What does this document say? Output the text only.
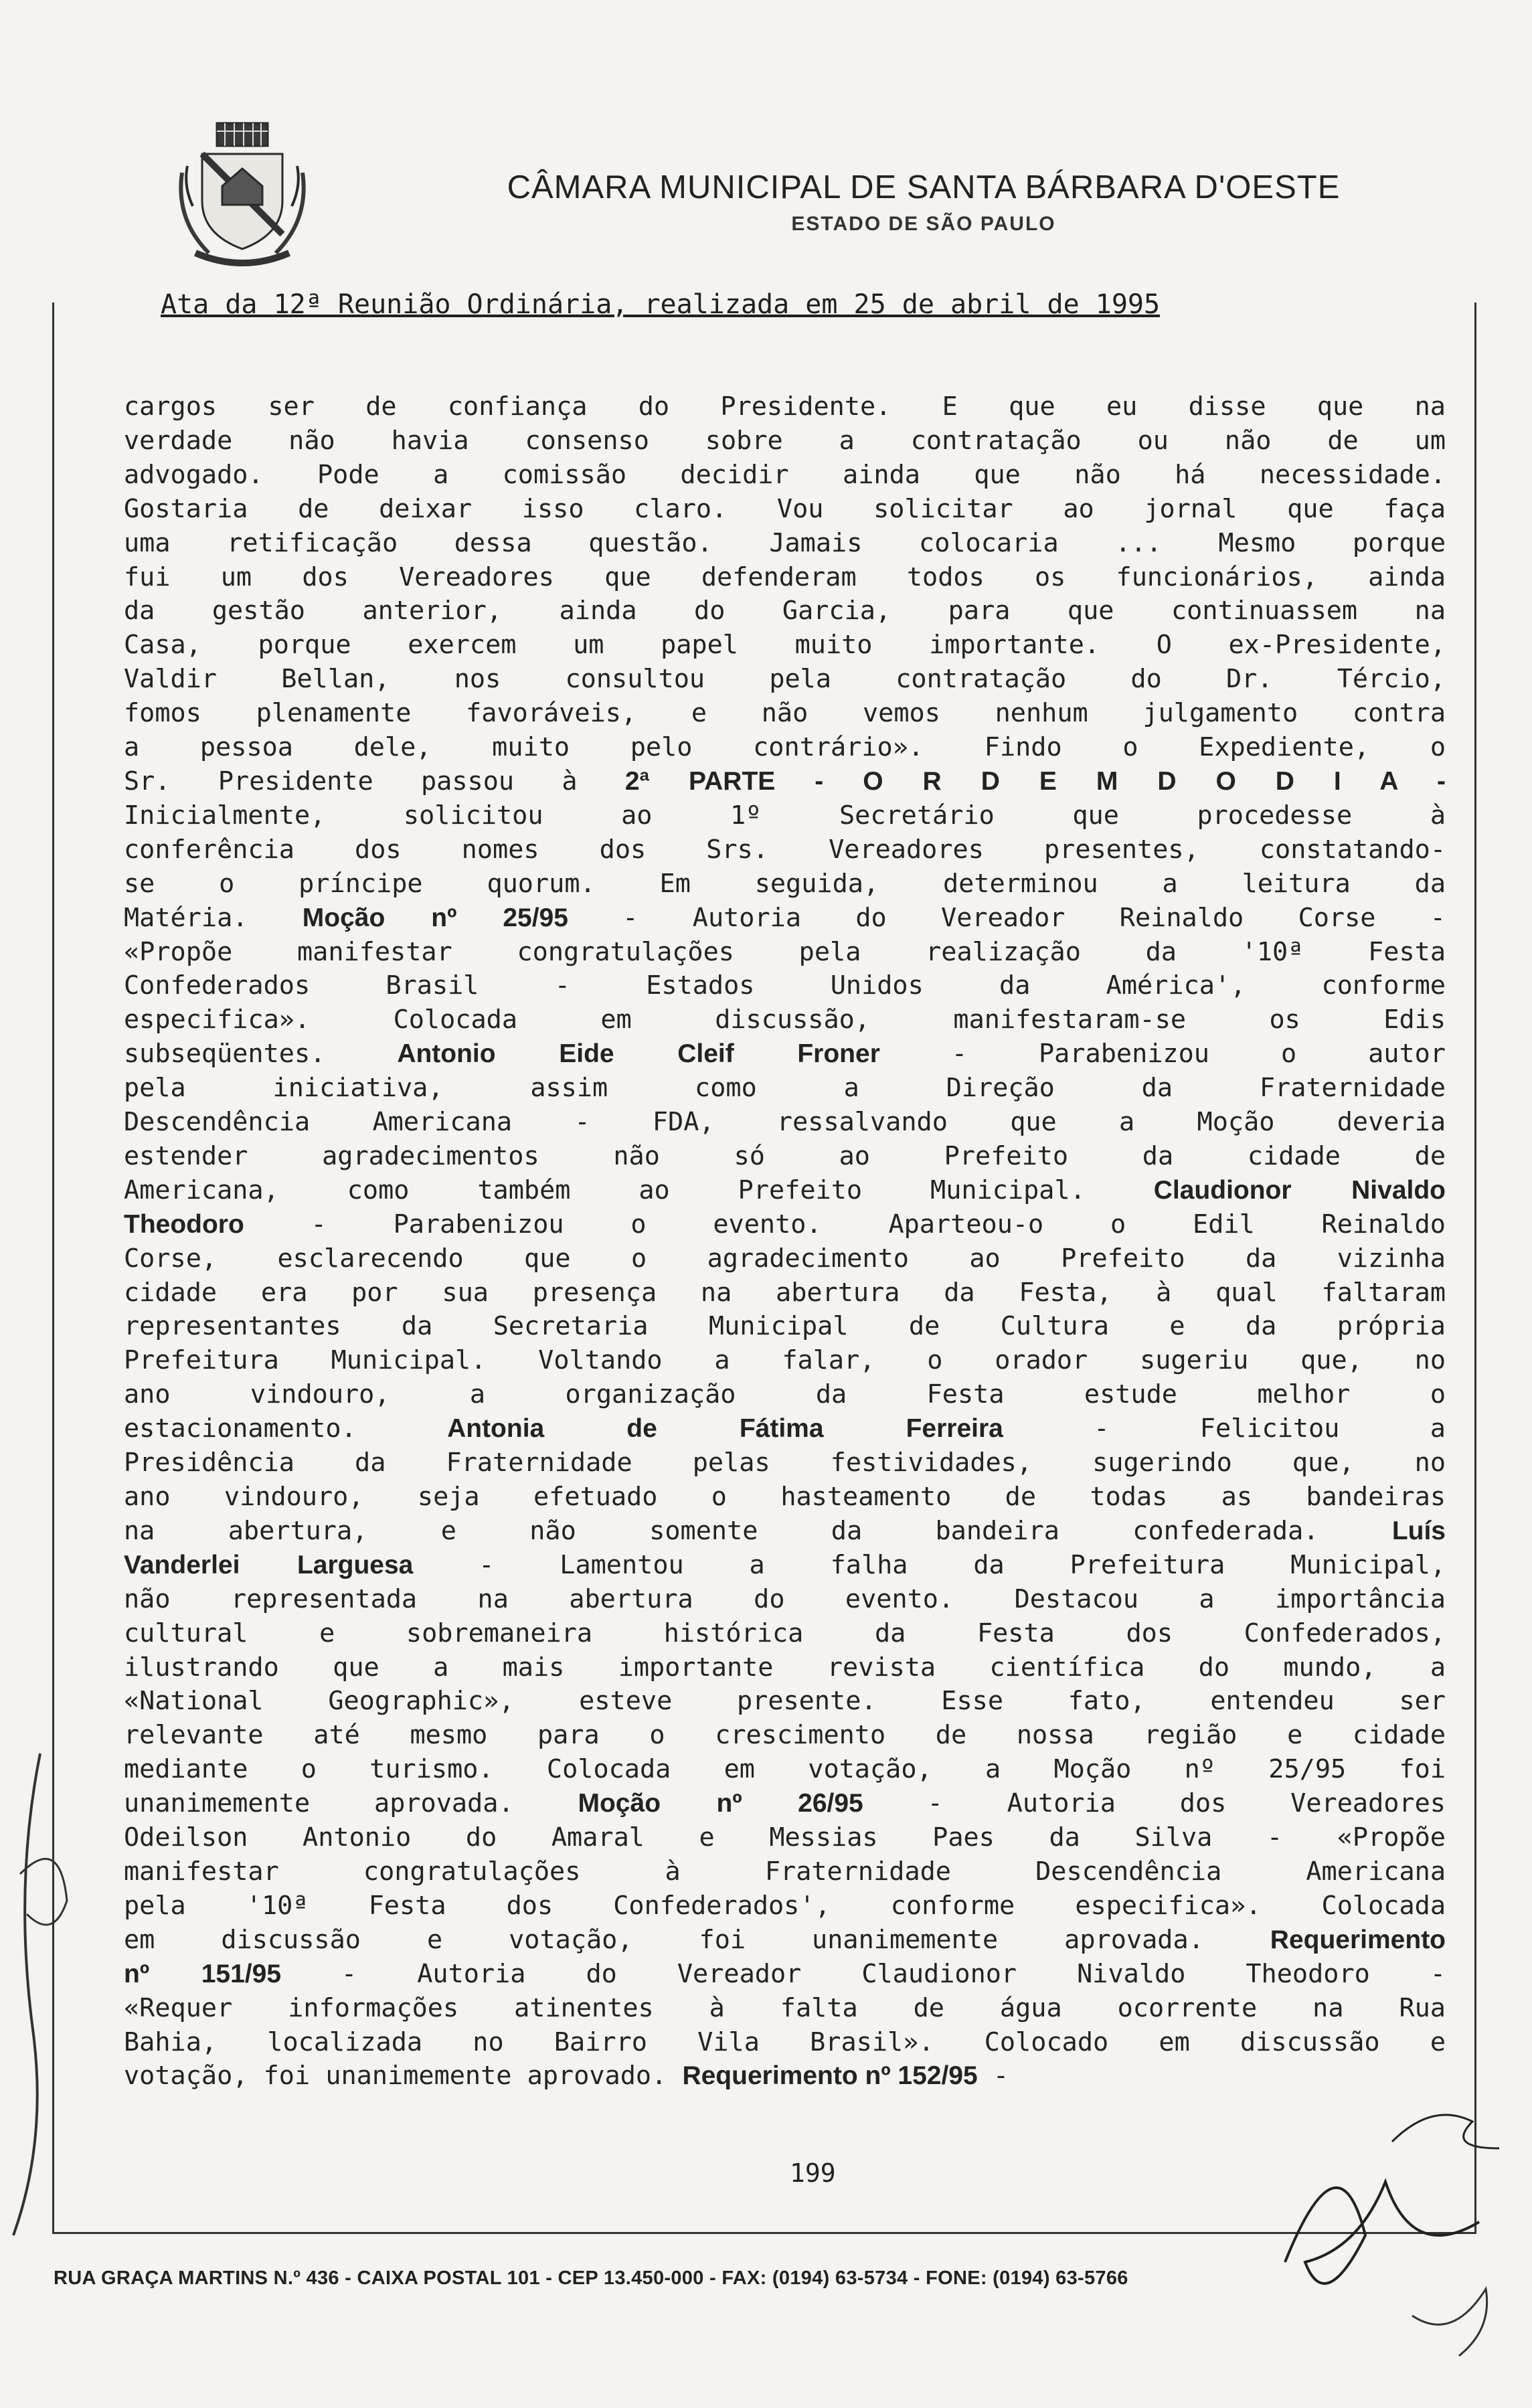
CÂMARA MUNICIPAL DE SANTA BÁRBARA D'OESTE
ESTADO DE SÃO PAULO
Ata da 12ª Reunião Ordinária, realizada em 25 de abril de 1995
cargos ser de confiança do Presidente. E que eu disse que na
verdade não havia consenso sobre a contratação ou não de um
advogado. Pode a comissão decidir ainda que não há necessidade.
Gostaria de deixar isso claro. Vou solicitar ao jornal que faça
uma retificação dessa questão. Jamais colocaria ... Mesmo porque
fui um dos Vereadores que defenderam todos os funcionários, ainda
da gestão anterior, ainda do Garcia, para que continuassem na
Casa, porque exercem um papel muito importante. O ex-Presidente,
Valdir Bellan, nos consultou pela contratação do Dr. Tércio,
fomos plenamente favoráveis, e não vemos nenhum julgamento contra
a pessoa dele, muito pelo contrário». Findo o Expediente, o
Sr. Presidente passou à 2ª PARTE - O R D E M D O D I A -
Inicialmente, solicitou ao 1º Secretário que procedesse à
conferência dos nomes dos Srs. Vereadores presentes, constatando-
se o príncipe quorum. Em seguida, determinou a leitura da
Matéria. Moção nº 25/95 - Autoria do Vereador Reinaldo Corse -
«Propõe manifestar congratulações pela realização da '10ª Festa
Confederados Brasil - Estados Unidos da América', conforme
especifica». Colocada em discussão, manifestaram-se os Edis
subseqüentes. Antonio Eide Cleif Froner - Parabenizou o autor
pela iniciativa, assim como a Direção da Fraternidade
Descendência Americana - FDA, ressalvando que a Moção deveria
estender agradecimentos não só ao Prefeito da cidade de
Americana, como também ao Prefeito Municipal. Claudionor Nivaldo
Theodoro - Parabenizou o evento. Aparteou-o o Edil Reinaldo
Corse, esclarecendo que o agradecimento ao Prefeito da vizinha
cidade era por sua presença na abertura da Festa, à qual faltaram
representantes da Secretaria Municipal de Cultura e da própria
Prefeitura Municipal. Voltando a falar, o orador sugeriu que, no
ano vindouro, a organização da Festa estude melhor o
estacionamento. Antonia de Fátima Ferreira - Felicitou a
Presidência da Fraternidade pelas festividades, sugerindo que, no
ano vindouro, seja efetuado o hasteamento de todas as bandeiras
na abertura, e não somente da bandeira confederada. Luís
Vanderlei Larguesa - Lamentou a falha da Prefeitura Municipal,
não representada na abertura do evento. Destacou a importância
cultural e sobremaneira histórica da Festa dos Confederados,
ilustrando que a mais importante revista científica do mundo, a
«National Geographic», esteve presente. Esse fato, entendeu ser
relevante até mesmo para o crescimento de nossa região e cidade
mediante o turismo. Colocada em votação, a Moção nº 25/95 foi
unanimemente aprovada. Moção nº 26/95 - Autoria dos Vereadores
Odeilson Antonio do Amaral e Messias Paes da Silva - «Propõe
manifestar congratulações à Fraternidade Descendência Americana
pela '10ª Festa dos Confederados', conforme especifica». Colocada
em discussão e votação, foi unanimemente aprovada. Requerimento
nº 151/95 - Autoria do Vereador Claudionor Nivaldo Theodoro -
«Requer informações atinentes à falta de água ocorrente na Rua
Bahia, localizada no Bairro Vila Brasil». Colocado em discussão e
votação, foi unanimemente aprovado. Requerimento nº 152/95 -
199
RUA GRAÇA MARTINS N.º 436 - CAIXA POSTAL 101 - CEP 13.450-000 - FAX: (0194) 63-5734 - FONE: (0194) 63-5766
